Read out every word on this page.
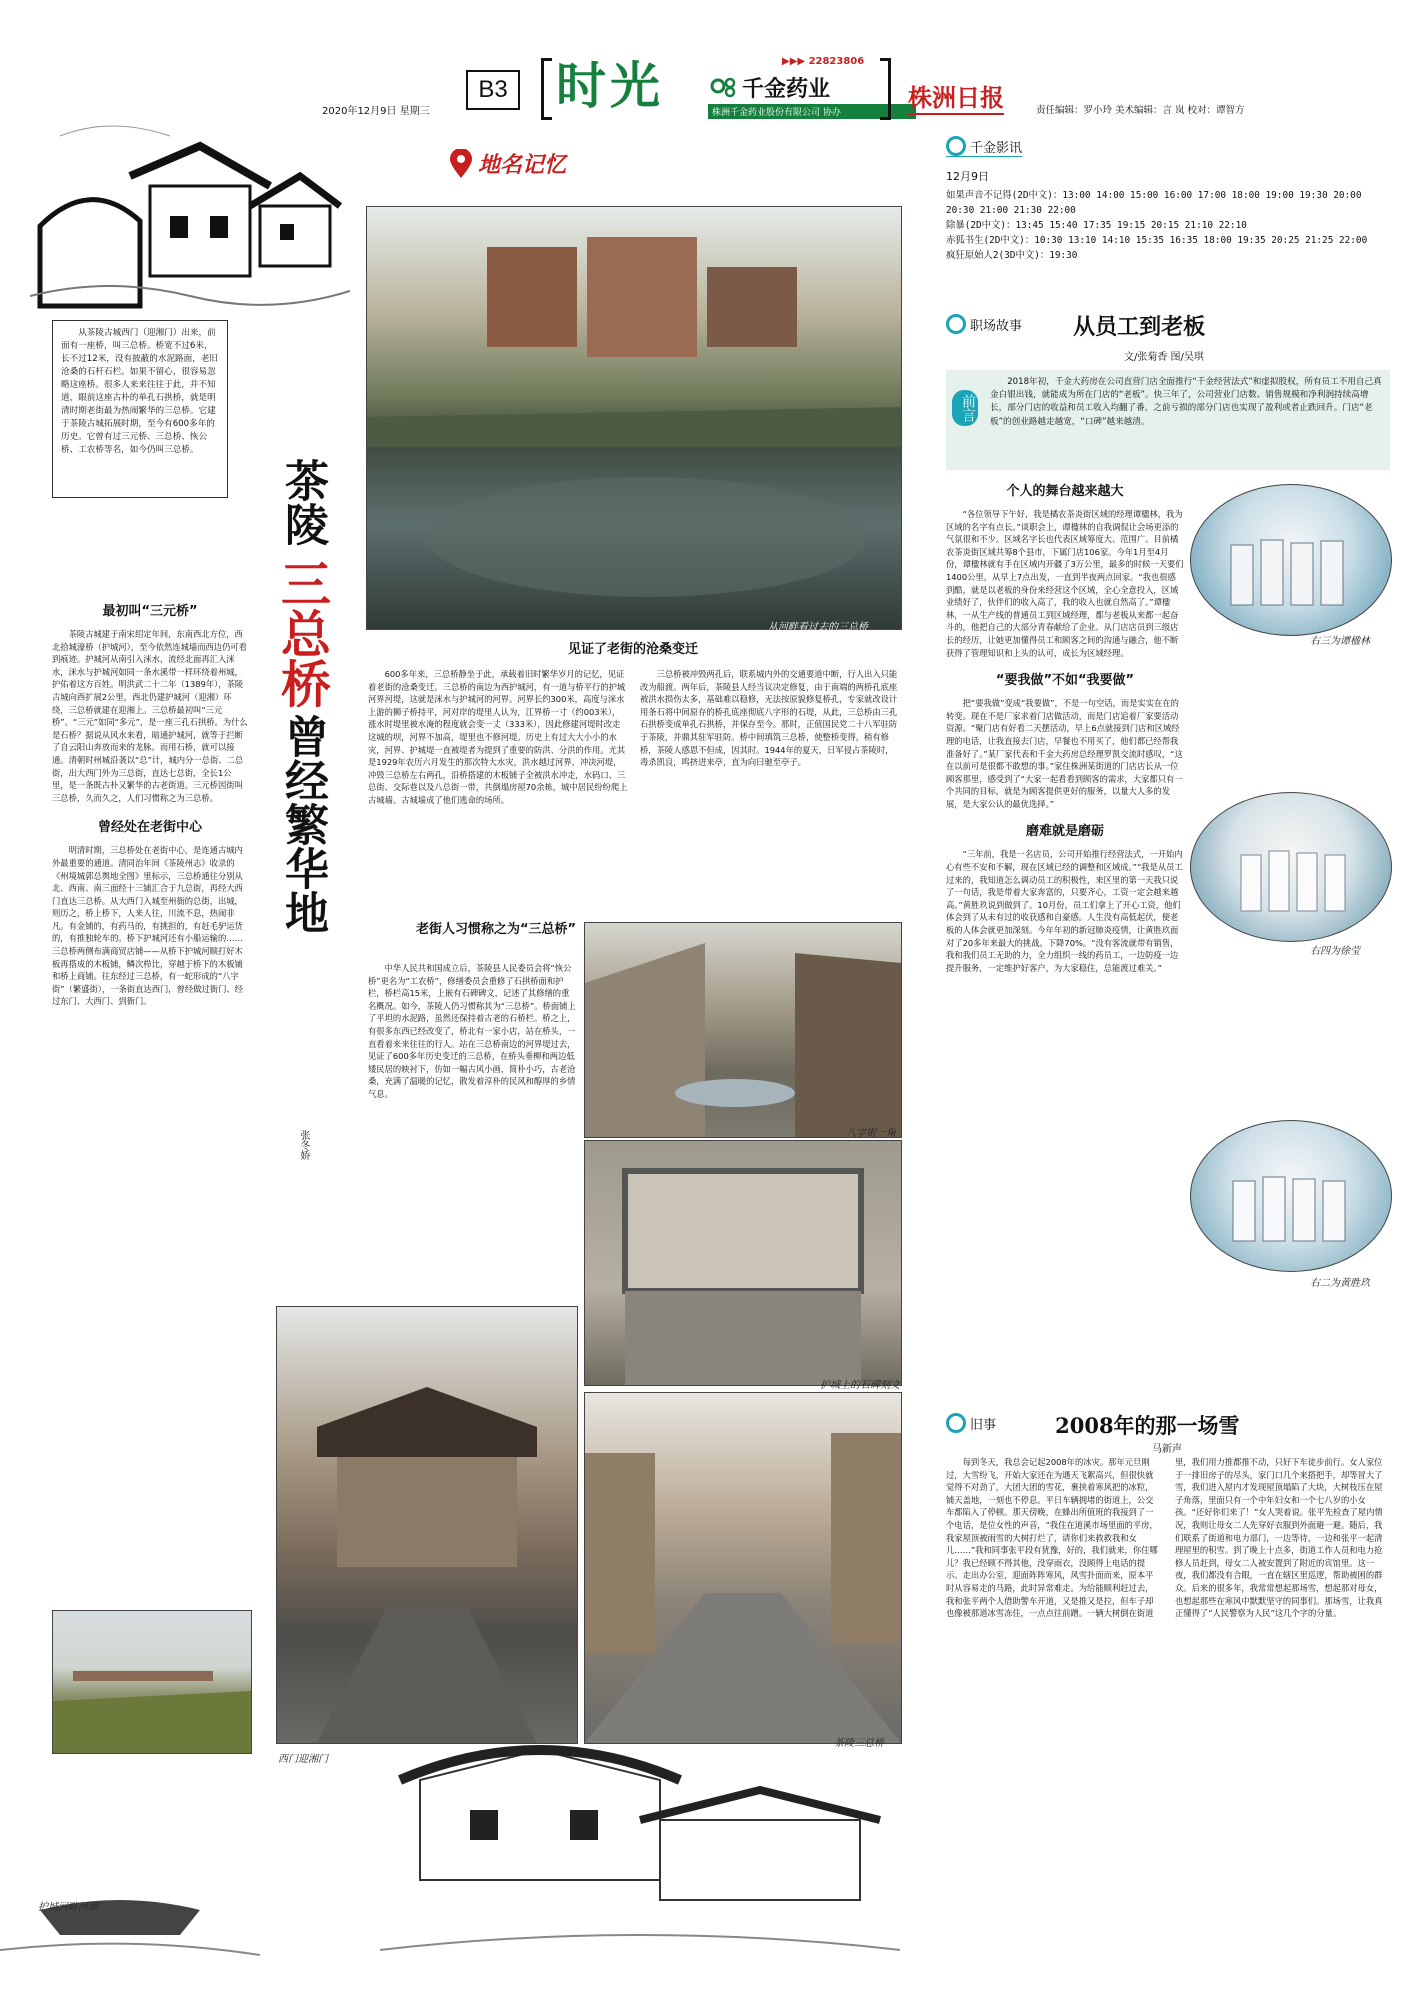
2020年12月9日 星期三
B3 时光	千金药业
▶▶▶ 22823806
株洲千金药业股份有限公司 协办
株洲日报	责任编辑：罗小玲 美术编辑：言 岚 校对：谭智方
地名记忆

从茶陵古城西门（迎湘门）出来，前面有一座桥，叫三总桥。桥宽不过6米，长不过12米，没有披蔽的水泥路面，老旧沧桑的石杆石栏。如果不留心，很容易忽略这座桥。很多人来来往往于此，并不知道，眼前这座古朴的单孔石拱桥，就是明清时期老街最为热闹繁华的三总桥。它建于茶陵古城拓展时期，至今有600多年的历史。它曾有过三元桥、三总桥、恢公桥、工农桥等名，如今仍叫三总桥。

茶陵
三总桥
曾经繁华地
张冬娇
最初叫“三元桥”

茶陵古城建于南宋绍定年间，东南西北方位，西北拾城濠桥（护城河），至今依然连城墙而西边仍可看到痕迹。护城河从南引入洣水，流经北面再汇入洣水，洣水与护城河如同一条水溪带一样环绕着州城，护佑着这方百姓。明洪武二十二年（1389年），茶陵古城向西扩展2公里，西北仍建护城河（迎湘）环绕，三总桥就建在迎湘上。三总桥最初叫“三元桥”。“三元”如同“多元”，是一座三孔石拱桥。为什么是石桥？据说从风水来看，暗通护城河，就等于拦断了自云阳山奔放而来的龙脉。而用石桥，就可以接通。清朝时州城沿袭以“总”计，城内分一总街、二总街，出大西门外为三总街，直达七总街，全长1公里，是一条既古朴又繁华的古老街道。三元桥因街叫三总桥，久而久之，人们习惯称之为三总桥。

曾经处在老街中心

明清时期，三总桥处在老街中心，是连通古城内外最重要的通道。清同治年间《茶陵州志》收录的《州境城郭总舆地全图》里标示，三总桥通往分别从北、西南、南三面经十三铺汇合于九总街，再经大西门直达三总桥。从大西门入城至州衙的总街，出城，则历之，桥上桥下，人来人往，川流不息，热闹非凡。有金铺的，有药马的，有挑担的，有赶毛驴运货的，有推独轮车的。桥下护城河还有小船运输的……三总桥两侧布满商贸店铺——从桥下护城河顺打好木板再搭成的木板铺，鳞次栉比，穿越于桥下的木板铺和桥上商铺。往东经过三总桥，有一蛇形成的“八字街”（繁盛街），一条街直达西门，曾经做过衙门、经过东门、大西门、到衙门。

护城河畔河坝
从河畔看过去的三总桥
见证了老街的沧桑变迁

600多年来，三总桥静坐于此，承载着旧时繁华岁月的记忆，见证着老街的沧桑变迁。三总桥的南边为西护城河，有一道与桥平行的护城河界河堤，这就是洣水与护城河的河界。河界长约300米，高度与洣水上游的狮子桥持平，河对岸的堤里人认为，江界桥一寸（约003米），涨水时堤里被水淹的程度就会变一丈（333米），因此修建河堤时改走这城的坝，河界不加高，堤里也不修河堤。历史上有过大大小小的水灾，河界、护城堤一直被堤者为提到了重要的防洪、分洪的作用。尤其是1929年农历六月发生的那次特大水灾，洪水越过河界，冲决河堤，冲毁三总桥左右两孔，沿桥搭建的木板铺子全被洪水冲走，水码口、三总街、交际巷以及八总街一带，共倒塌房屋70余栋，城中居民纷纷爬上古城墙。古城墙成了他们逃命的场所。

三总桥被冲毁两孔后，联系城内外的交通要道中断，行人出入只能改为船渡。两年后，茶陵县人经当议决定修复，由于南端的两桥孔底座被洪水损伤太多，基础难以稳修，无法按原貌修复桥孔，专家就改设计用条石将中间原存的桥孔底座彻底八字形的石堤，从此，三总桥由三孔石拱桥变成单孔石拱桥，并保存至今。那时，正值国民党二十八军驻防于茶陵，并鼎其驻军驻防。桥中间填筑三总桥，使整桥变得，稍有修桥，茶陵人感恩不但成，因其时。1944年的夏天，日军侵占茶陵时，毒杀凯良，鸣挤进来亭，直为向曰驰至亭子。

老街人习惯称之为“三总桥”

中华人民共和国成立后，茶陵县人民委员会将“恢公桥”更名为“工农桥”，修缮委员会重修了石拱桥面和护栏，桥栏高15米，上嵌有石碑碑文，记述了其修缮的重名概况。如今，茶陵人仍习惯称其为“三总桥”。桥面铺上了平坦的水泥路，虽然还保持着古老的石桥栏。桥之上，有很多东西已经改变了，桥北有一家小店，站在桥头，一直看着来来往往的行人。站在三总桥南边的河界堤过去，见证了600多年历史变迁的三总桥，在桥头垂柳和两边低矮民居的映衬下，仿如一幅古风小画，简朴小巧，古老沧桑，充满了温暖的记忆，散发着淳朴的民风和醇厚的乡情气息。

八字街一角
护城上的石碑刻文
西门迎湘门
茶陵三总桥
千金影讯
12月9日
如果声音不记得(2D中文)：13:00 14:00 15:00 16:00 17:00 18:00 19:00 19:30 20:00 20:30 21:00 21:30 22:00
除暴(2D中文)：13:45 15:40 17:35 19:15 20:15 21:10 22:10
赤狐书生(2D中文)：10:30 13:10 14:10 15:35 16:35 18:00 19:35 20:25 21:25 22:00
疯狂原始人2(3D中文)：19:30
职场故事 从员工到老板
文/张菊香 图/吴琪
前言
2018年初，千金大药房在公司直营门店全面推行“千金经营法式”和虚拟股权，所有员工不用自己真金白银出钱，就能成为所在门店的“老板”。快三年了，公司营业门店数、销售规模和净利润持续高增长，部分门店的收益和员工收入均翻了番，之前亏损的部分门店也实现了盈利或者止跌回升。门店“老板”的创业路越走越宽，“口碑”越来越清。
个人的舞台越来越大

“各位领导下午好，我是橘农茶炎街区域的经理谭楹林，我为区域的名字有点长。”谈职会上，谭楹林的自我调侃让会场更添的气氛很和不少。区域名字长也代表区域筹度大、范围广。目前橘农茶炎街区域共筹8个县市，下属门店106家。今年1月至4月份，谭楹林就有手在区域内开疆了3万公里，最多的时候一天要们1400公里，从早上7点出发，一直到半夜两点回家。“我也很感到酷，就是以老板的身份来经营这个区域，全心全意投入，区域业绩好了，伙伴们的收入高了，我的收入也就自然高了。”谭楹林，一从生产线的普通员工到区域经理，都与老板从来都一起奋斗的，他把自己的大部分青春献给了企业。从门店店员到三级店长的经历，让她更加懂得员工和顾客之间的沟通与融合，他不断获得了管理知识和上头的认可，成长为区域经理。

“要我做”不如“我要做”

把“要我做”变成“我要做”，不是一句空话，而是实实在在的转变。现在不是厂家求着门店做活动，而是门店追着厂家要活动资源。“聚门店有好看二天摆活动，早上6点就接到门店和区域经理的电话，让我直接去门店，早餐也不用买了，他们都已经帮我准备好了。”某厂家代表和千金大药房总经理罗凯交流时感叹，“这在以前可是很都不敢想的事。”家住株洲某街道的门店店长从一位顾客那里，感受到了“大家一起看看到顾客的需求，大家都只有一个共同的目标，就是为顾客提供更好的服务，以量大人多的发展，是大家公认的最优选择。”

磨难就是磨砺

“三年前，我是一名店员，公司开始推行经营法式，一开始内心有些不安和不解，现在区域已经的调整和区域成。”“我是从员工过来的，我知道怎么调动员工的积极性，来区里的第一天我只说了一句话，我是带着大家奔富的，只要齐心，工资一定会越来越高。”黄胜玖说到做到了。10月份，员工们拿上了开心工资，他们体会到了从未有过的收获感和自豪感。人生没有高低起伏，便老板的人体会就更加深刻。今年年初的新冠肺炎疫情，让黄胜玖面对了20多年来最大的挑战。下降70%。“没有客流就带有销售，我和我们员工无助的力，全力组织一线的药员工，一边防疫一边提升服务，一定维护好客户，为大家稳住，总能渡过难关。”

右三为谭楹林
右四为徐莹
右二为黄胜玖
旧事	2008年的那一场雪
马新声

每到冬天，我总会记起2008年的冰灾。那年元旦刚过，大雪纷飞，开始大家还在为遇天飞絮高兴，但很快就觉得不对劲了，大团大团的雪花，裹挟着寒风把的冰粒，铺天盖地，一刻也不停息。平日车辆拥堵的街道上，公交车都陷入了停顿。那天傍晚，在蜂出所值班的我接到了一个电话，是位女性的声音，“我住在道溪市场里面的平房，我家屋顶被雨雪的大树打烂了，请你们来救救我和女儿……”我和同事张平段有犹豫，好的，我们就来，你住哪儿？我已经顾不得其他，没穿雨衣，没顾得上电话的提示。走出办公室，迎面阵阵寒风，风雪扑面而来，原本平时从容易走的马路，此时异常难走。为给能顺利赶过去，我和张平两个人借助警车开道，又是推又是拉，但车子却也像被那道冰雪冻住，一点点往前蹭。一辆大树倒在街道里，我们用力推都推不动，只好下车徒步前行。女人家位于一排旧房子的尽头，家门口几个来搭把手，却等冒大了雪，我们进入屋内才发现屋顶塌陷了大块，大树枝压在屋子角落，里面只有一个中年妇女和一个七八岁的小女孩。“还好你们来了！”女人哭着说。张平先检查了屋内情况，我则让母女二人先穿好衣服到外面避一避。随后，我们联系了街道和电力部门，一边等待，一边和张平一起清理屋里的积雪。到了晚上十点多，街道工作人员和电力抢修人员赶到，母女二人被安置到了附近的宾馆里。这一夜，我们都没有合眼，一直在辖区里巡逻，帮助被困的群众。后来的很多年，我常常想起那场雪，想起那对母女，也想起那些在寒风中默默坚守的同事们。那场雪，让我真正懂得了“人民警察为人民”这几个字的分量。
